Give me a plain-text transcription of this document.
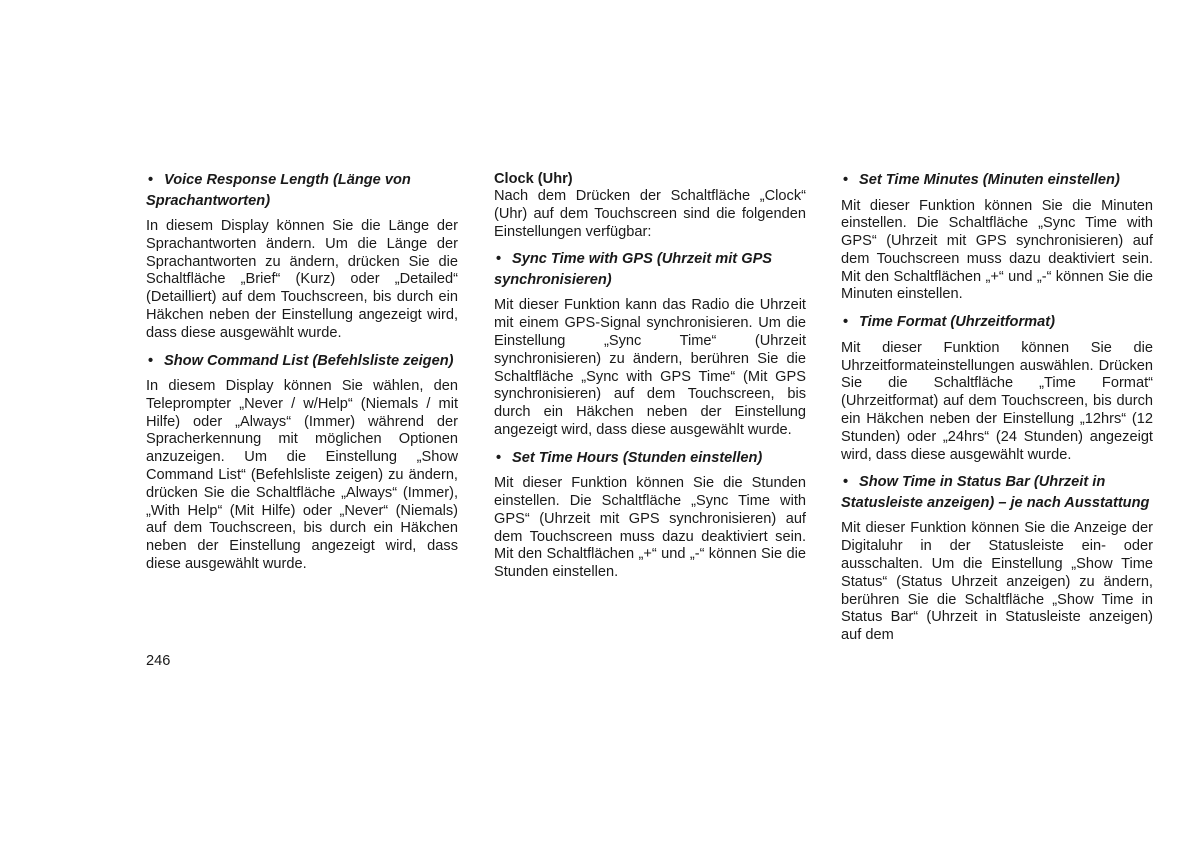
• Voice Response Length (Länge von Sprachantworten)

In diesem Display können Sie die Länge der Sprachantworten ändern. Um die Länge der Sprachantworten zu ändern, drücken Sie die Schaltfläche „Brief“ (Kurz) oder „Detailed“ (Detailliert) auf dem Touchscreen, bis durch ein Häkchen neben der Einstellung angezeigt wird, dass diese ausgewählt wurde.

• Show Command List (Befehlsliste zeigen)

In diesem Display können Sie wählen, den Teleprompter „Never / w/Help“ (Niemals / mit Hilfe) oder „Always“ (Immer) während der Spracherkennung mit möglichen Optionen anzuzeigen. Um die Einstellung „Show Command List“ (Befehlsliste zeigen) zu ändern, drücken Sie die Schaltfläche „Always“ (Immer), „With Help“ (Mit Hilfe) oder „Never“ (Niemals) auf dem Touchscreen, bis durch ein Häkchen neben der Einstellung angezeigt wird, dass diese ausgewählt wurde.

Clock (Uhr)

Nach dem Drücken der Schaltfläche „Clock“ (Uhr) auf dem Touchscreen sind die folgenden Einstellungen verfügbar:

• Sync Time with GPS (Uhrzeit mit GPS synchronisieren)

Mit dieser Funktion kann das Radio die Uhrzeit mit einem GPS-Signal synchronisieren. Um die Einstellung „Sync Time“ (Uhrzeit synchronisieren) zu ändern, berühren Sie die Schaltfläche „Sync with GPS Time“ (Mit GPS synchronisieren) auf dem Touchscreen, bis durch ein Häkchen neben der Einstellung angezeigt wird, dass diese ausgewählt wurde.

• Set Time Hours (Stunden einstellen)

Mit dieser Funktion können Sie die Stunden einstellen. Die Schaltfläche „Sync Time with GPS“ (Uhrzeit mit GPS synchronisieren) auf dem Touchscreen muss dazu deaktiviert sein. Mit den Schaltflächen „+“ und „-“ können Sie die Stunden einstellen.

• Set Time Minutes (Minuten einstellen)

Mit dieser Funktion können Sie die Minuten einstellen. Die Schaltfläche „Sync Time with GPS“ (Uhrzeit mit GPS synchronisieren) auf dem Touchscreen muss dazu deaktiviert sein. Mit den Schaltflächen „+“ und „-“ können Sie die Minuten einstellen.

• Time Format (Uhrzeitformat)

Mit dieser Funktion können Sie die Uhrzeitformateinstellungen auswählen. Drücken Sie die Schaltfläche „Time Format“ (Uhrzeitformat) auf dem Touchscreen, bis durch ein Häkchen neben der Einstellung „12hrs“ (12 Stunden) oder „24hrs“ (24 Stunden) angezeigt wird, dass diese ausgewählt wurde.

• Show Time in Status Bar (Uhrzeit in Statusleiste anzeigen) – je nach Ausstattung

Mit dieser Funktion können Sie die Anzeige der Digitaluhr in der Statusleiste ein- oder ausschalten. Um die Einstellung „Show Time Status“ (Status Uhrzeit anzeigen) zu ändern, berühren Sie die Schaltfläche „Show Time in Status Bar“ (Uhrzeit in Statusleiste anzeigen) auf dem

246
